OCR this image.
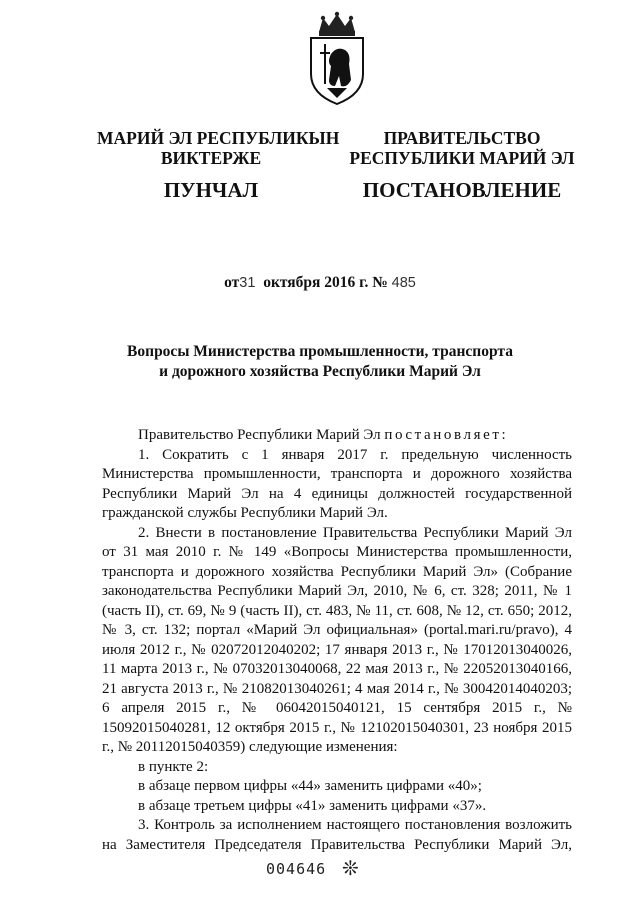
МАРИЙ ЭЛ РЕСПУБЛИКЫН
ВИКТЕРЖЕ
ПУНЧАЛ
ПРАВИТЕЛЬСТВО
РЕСПУБЛИКИ МАРИЙ ЭЛ
ПОСТАНОВЛЕНИЕ
от31 октября 2016 г. № 485
Вопросы Министерства промышленности, транспорта
и дорожного хозяйства Республики Марий Эл

Правительство Республики Марий Эл постановляет:

1. Сократить с 1 января 2017 г. предельную численность Министерства промышленности, транспорта и дорожного хозяйства Республики Марий Эл на 4 единицы должностей государственной гражданской службы Республики Марий Эл.

2. Внести в постановление Правительства Республики Марий Эл от 31 мая 2010 г. № 149 «Вопросы Министерства промышленности, транспорта и дорожного хозяйства Республики Марий Эл» (Собрание законодательства Республики Марий Эл, 2010, № 6, ст. 328; 2011, № 1 (часть II), ст. 69, № 9 (часть II), ст. 483, № 11, ст. 608, № 12, ст. 650; 2012, № 3, ст. 132; портал «Марий Эл официальная» (portal.mari.ru/pravo), 4 июля 2012 г., № 02072012040202; 17 января 2013 г., № 17012013040026, 11 марта 2013 г., № 07032013040068, 22 мая 2013 г., № 22052013040166, 21 августа 2013 г., № 21082013040261; 4 мая 2014 г., № 30042014040203; 6 апреля 2015 г., № 06042015040121, 15 сентября 2015 г., № 15092015040281, 12 октября 2015 г., № 12102015040301, 23 ноября 2015 г., № 20112015040359) следующие изменения:

в пункте 2:

в абзаце первом цифры «44» заменить цифрами «40»;

в абзаце третьем цифры «41» заменить цифрами «37».

3. Контроль за исполнением настоящего постановления возложить на Заместителя Председателя Правительства Республики Марий Эл,

004646 ❊
